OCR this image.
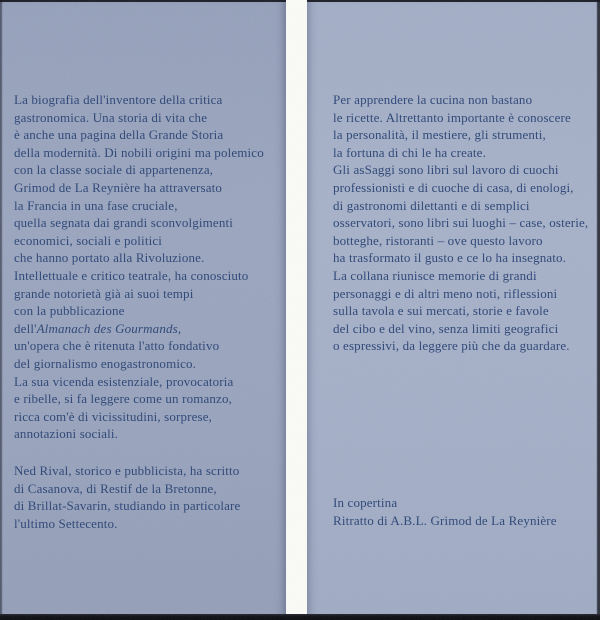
La biografia dell'inventore della critica
gastronomica. Una storia di vita che
è anche una pagina della Grande Storia
della modernità. Di nobili origini ma polemico
con la classe sociale di appartenenza,
Grimod de La Reynière ha attraversato
la Francia in una fase cruciale,
quella segnata dai grandi sconvolgimenti
economici, sociali e politici
che hanno portato alla Rivoluzione.
Intellettuale e critico teatrale, ha conosciuto
grande notorietà già ai suoi tempi
con la pubblicazione
dell'Almanach des Gourmands,
un'opera che è ritenuta l'atto fondativo
del giornalismo enogastronomico.
La sua vicenda esistenziale, provocatoria
e ribelle, si fa leggere come un romanzo,
ricca com'è di vicissitudini, sorprese,
annotazioni sociali.
Ned Rival, storico e pubblicista, ha scritto
di Casanova, di Restif de la Bretonne,
di Brillat-Savarin, studiando in particolare
l'ultimo Settecento.
Per apprendere la cucina non bastano
le ricette. Altrettanto importante è conoscere
la personalità, il mestiere, gli strumenti,
la fortuna di chi le ha create.
Gli asSaggi sono libri sul lavoro di cuochi
professionisti e di cuoche di casa, di enologi,
di gastronomi dilettanti e di semplici
osservatori, sono libri sui luoghi – case, osterie,
botteghe, ristoranti – ove questo lavoro
ha trasformato il gusto e ce lo ha insegnato.
La collana riunisce memorie di grandi
personaggi e di altri meno noti, riflessioni
sulla tavola e sui mercati, storie e favole
del cibo e del vino, senza limiti geografici
o espressivi, da leggere più che da guardare.
In copertina
Ritratto di A.B.L. Grimod de La Reynière
